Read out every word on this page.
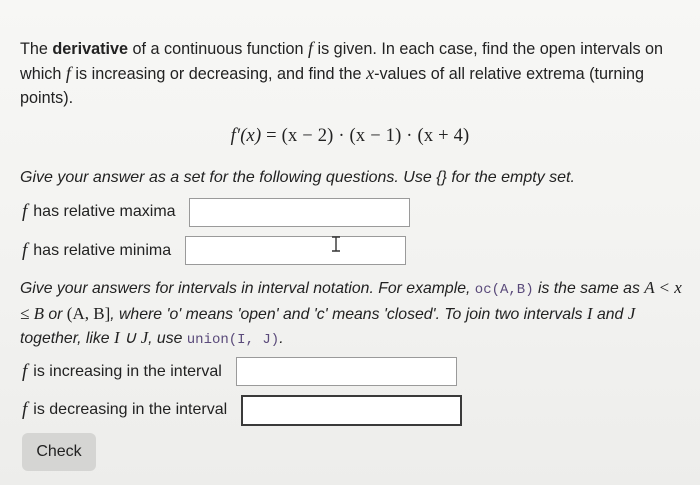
The derivative of a continuous function f is given. In each case, find the open intervals on which f is increasing or decreasing, and find the x-values of all relative extrema (turning points).

f′(x) = (x − 2) · (x − 1) · (x + 4)

Give your answer as a set for the following questions. Use {} for the empty set.

f has relative maxima
f has relative minima

Give your answers for intervals in interval notation. For example, oc(A,B) is the same as A < x ≤ B or (A, B], where 'o' means 'open' and 'c' means 'closed'. To join two intervals I and J together, like I ∪ J, use union(I, J).

f is increasing in the interval
f is decreasing in the interval
Check
